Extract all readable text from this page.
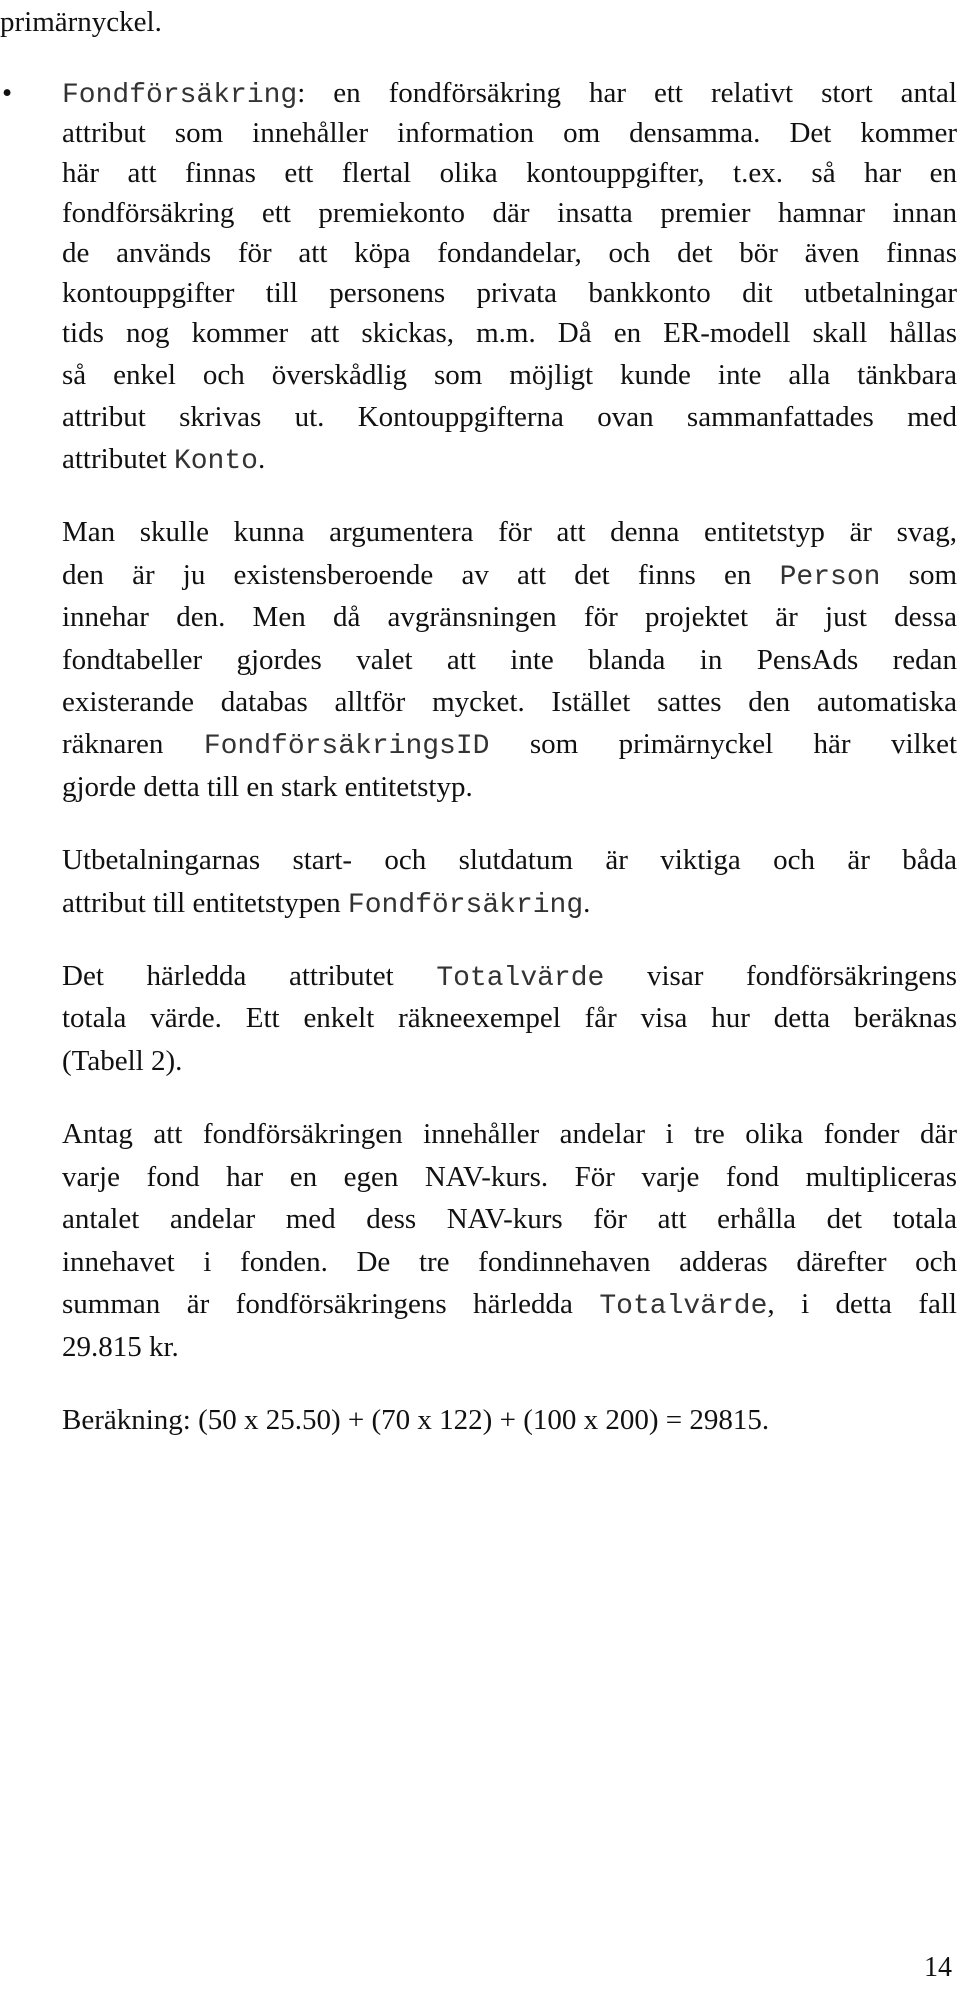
primärnyckel.
• Fondförsäkring: en fondförsäkring har ett relativt stort antal
attribut som innehåller information om densamma. Det kommer
här att finnas ett flertal olika kontouppgifter, t.ex. så har en
fondförsäkring ett premiekonto där insatta premier hamnar innan
de används för att köpa fondandelar, och det bör även finnas
kontouppgifter till personens privata bankkonto dit utbetalningar
tids nog kommer att skickas, m.m. Då en ER-modell skall hållas
så enkel och överskådlig som möjligt kunde inte alla tänkbara
attribut skrivas ut. Kontouppgifterna ovan sammanfattades med
attributet Konto.
Man skulle kunna argumentera för att denna entitetstyp är svag,
den är ju existensberoende av att det finns en Person som
innehar den. Men då avgränsningen för projektet är just dessa
fondtabeller gjordes valet att inte blanda in PensAds redan
existerande databas alltför mycket. Istället sattes den automatiska
räknaren FondförsäkringsID som primärnyckel här vilket
gjorde detta till en stark entitetstyp.
Utbetalningarnas start- och slutdatum är viktiga och är båda
attribut till entitetstypen Fondförsäkring.
Det härledda attributet Totalvärde visar fondförsäkringens
totala värde. Ett enkelt räkneexempel får visa hur detta beräknas
(Tabell 2).
Antag att fondförsäkringen innehåller andelar i tre olika fonder där
varje fond har en egen NAV-kurs. För varje fond multipliceras
antalet andelar med dess NAV-kurs för att erhålla det totala
innehavet i fonden. De tre fondinnehaven adderas därefter och
summan är fondförsäkringens härledda Totalvärde, i detta fall
29.815 kr.
Beräkning: (50 x 25.50) + (70 x 122) + (100 x 200) = 29815.
14
